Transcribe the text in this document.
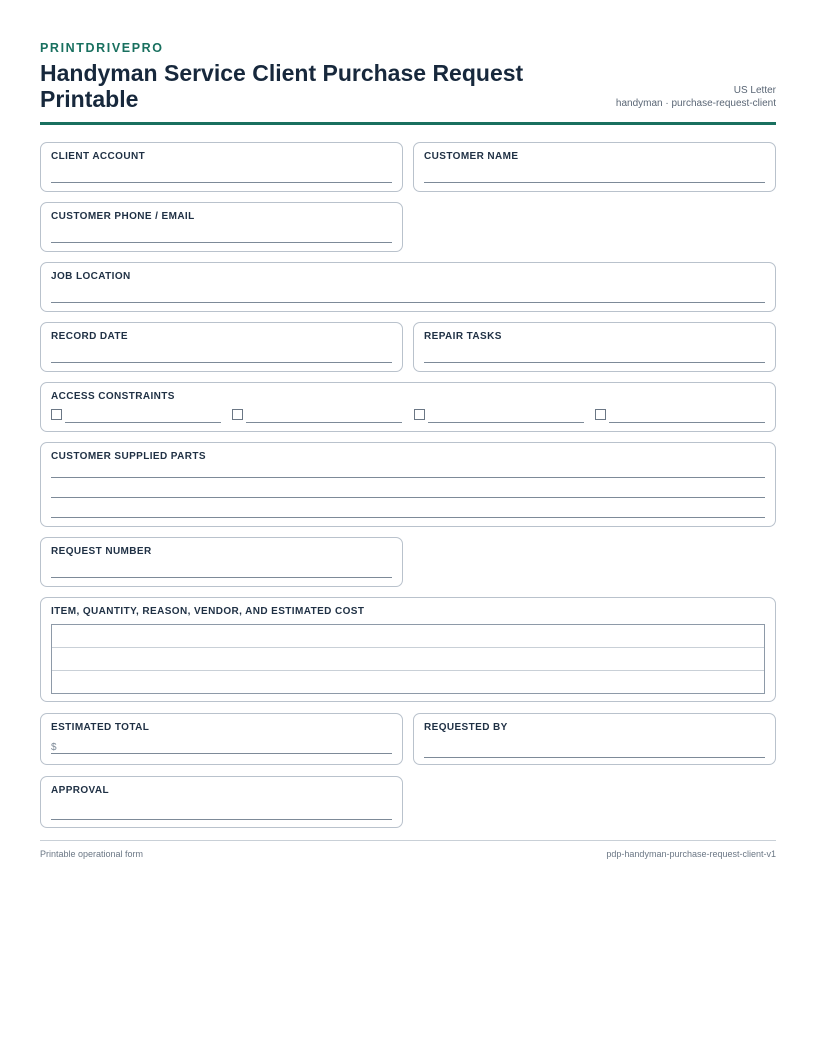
PRINTDRIVEPRO
Handyman Service Client Purchase Request Printable	US Letter
handyman · purchase-request-client
CLIENT ACCOUNT	CUSTOMER NAME
CUSTOMER PHONE / EMAIL
JOB LOCATION
RECORD DATE	REPAIR TASKS
ACCESS CONSTRAINTS
CUSTOMER SUPPLIED PARTS
REQUEST NUMBER
ITEM, QUANTITY, REASON, VENDOR, AND ESTIMATED COST
ESTIMATED TOTAL
$
REQUESTED BY
APPROVAL
Printable operational form	pdp-handyman-purchase-request-client-v1
